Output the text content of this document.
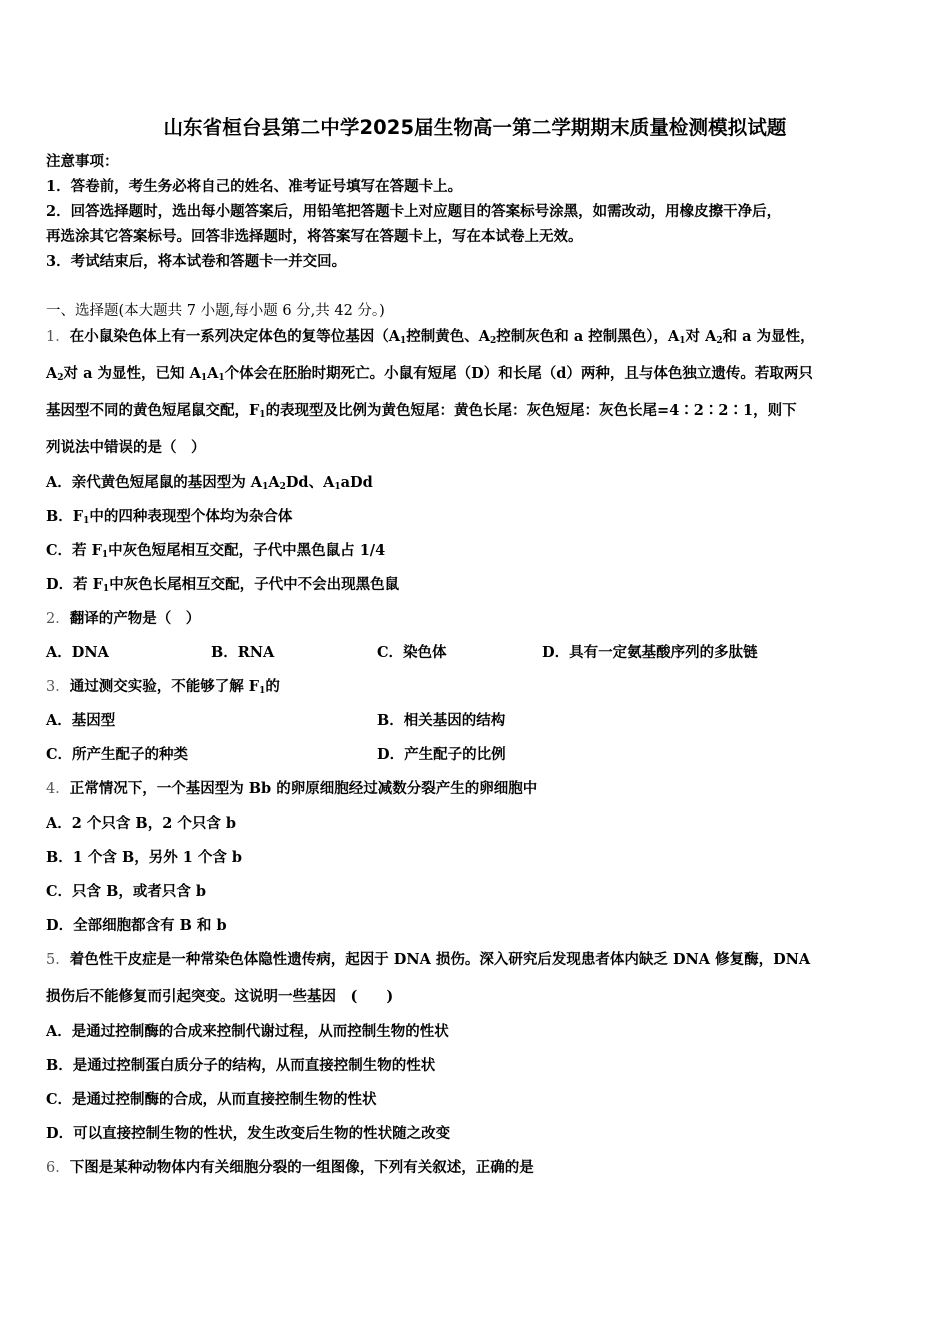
山东省桓台县第二中学2025届生物高一第二学期期末质量检测模拟试题
注意事项：
1．答卷前，考生务必将自己的姓名、准考证号填写在答题卡上。
2．回答选择题时，选出每小题答案后，用铅笔把答题卡上对应题目的答案标号涂黑，如需改动，用橡皮擦干净后，
再选涂其它答案标号。回答非选择题时，将答案写在答题卡上，写在本试卷上无效。
3．考试结束后，将本试卷和答题卡一并交回。
一、选择题(本大题共 7 小题,每小题 6 分,共 42 分。)
1．在小鼠染色体上有一系列决定体色的复等位基因（$A_1$控制黄色、$A_2$控制灰色和 a 控制黑色），$A_1$对 $A_2$和 a 为显性，
$A_2$对 a 为显性，已知 $A_1A_1$个体会在胚胎时期死亡。小鼠有短尾（D）和长尾（d）两种，且与体色独立遗传。若取两只
基因型不同的黄色短尾鼠交配，$F_1$的表现型及比例为黄色短尾：黄色长尾：灰色短尾：灰色长尾=4∶2∶2∶1，则下
列说法中错误的是（　）
A．亲代黄色短尾鼠的基因型为 $A_1A_2Dd$、$A_1aDd$
B．$F_1$中的四种表现型个体均为杂合体
C．若 $F_1$中灰色短尾相互交配，子代中黑色鼠占 1/4
D．若 $F_1$中灰色长尾相互交配，子代中不会出现黑色鼠
2．翻译的产物是（　）
A．DNA	B．RNA	C．染色体	D．具有一定氨基酸序列的多肽链
3．通过测交实验，不能够了解 $F_1$的
A．基因型	B．相关基因的结构
C．所产生配子的种类	D．产生配子的比例
4．正常情况下，一个基因型为 Bb 的卵原细胞经过减数分裂产生的卵细胞中
A．2 个只含 B，2 个只含 b
B．1 个含 B，另外 1 个含 b
C．只含 B，或者只含 b
D．全部细胞都含有 B 和 b
5．着色性干皮症是一种常染色体隐性遗传病，起因于 DNA 损伤。深入研究后发现患者体内缺乏 DNA 修复酶，DNA
损伤后不能修复而引起突变。这说明一些基因　(　　)
A．是通过控制酶的合成来控制代谢过程，从而控制生物的性状
B．是通过控制蛋白质分子的结构，从而直接控制生物的性状
C．是通过控制酶的合成，从而直接控制生物的性状
D．可以直接控制生物的性状，发生改变后生物的性状随之改变
6．下图是某种动物体内有关细胞分裂的一组图像，下列有关叙述，正确的是
